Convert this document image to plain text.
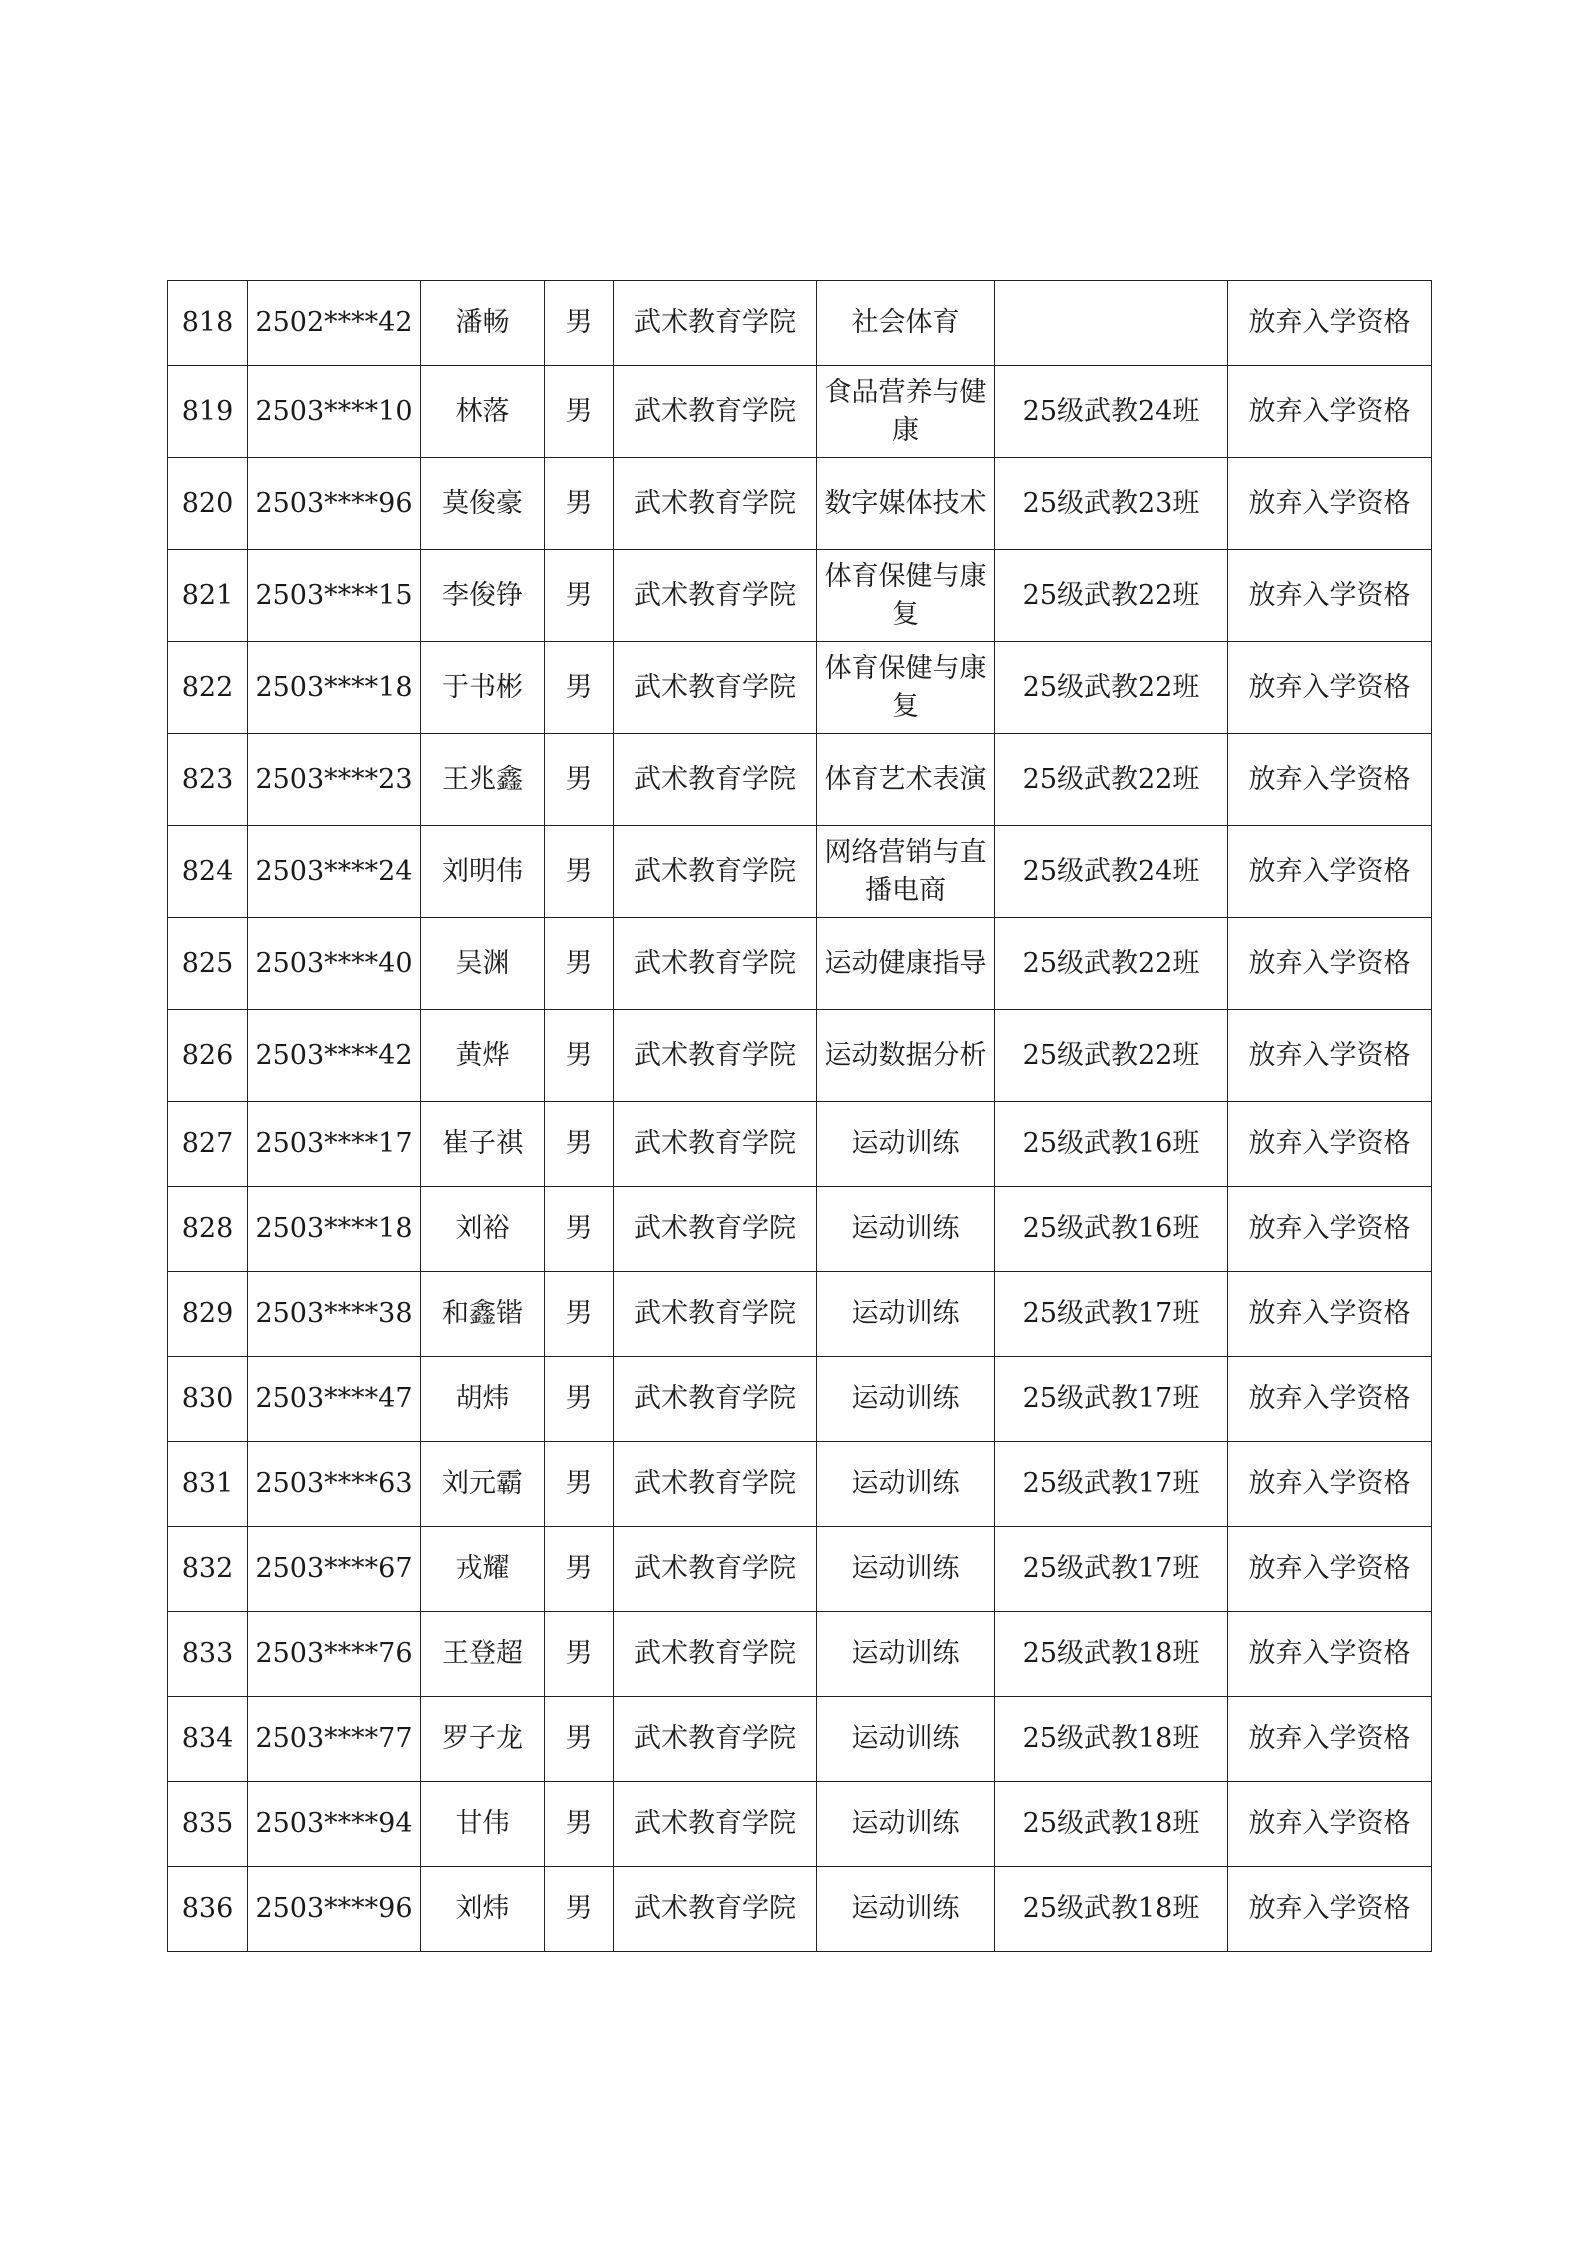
818	2502****42	潘畅	男	武术教育学院	社会体育		放弃入学资格
819	2503****10	林落	男	武术教育学院	食品营养与健康	25级武教24班	放弃入学资格
820	2503****96	莫俊豪	男	武术教育学院	数字媒体技术	25级武教23班	放弃入学资格
821	2503****15	李俊铮	男	武术教育学院	体育保健与康复	25级武教22班	放弃入学资格
822	2503****18	于书彬	男	武术教育学院	体育保健与康复	25级武教22班	放弃入学资格
823	2503****23	王兆鑫	男	武术教育学院	体育艺术表演	25级武教22班	放弃入学资格
824	2503****24	刘明伟	男	武术教育学院	网络营销与直播电商	25级武教24班	放弃入学资格
825	2503****40	吴渊	男	武术教育学院	运动健康指导	25级武教22班	放弃入学资格
826	2503****42	黄烨	男	武术教育学院	运动数据分析	25级武教22班	放弃入学资格
827	2503****17	崔子祺	男	武术教育学院	运动训练	25级武教16班	放弃入学资格
828	2503****18	刘裕	男	武术教育学院	运动训练	25级武教16班	放弃入学资格
829	2503****38	和鑫锴	男	武术教育学院	运动训练	25级武教17班	放弃入学资格
830	2503****47	胡炜	男	武术教育学院	运动训练	25级武教17班	放弃入学资格
831	2503****63	刘元霸	男	武术教育学院	运动训练	25级武教17班	放弃入学资格
832	2503****67	戎耀	男	武术教育学院	运动训练	25级武教17班	放弃入学资格
833	2503****76	王登超	男	武术教育学院	运动训练	25级武教18班	放弃入学资格
834	2503****77	罗子龙	男	武术教育学院	运动训练	25级武教18班	放弃入学资格
835	2503****94	甘伟	男	武术教育学院	运动训练	25级武教18班	放弃入学资格
836	2503****96	刘炜	男	武术教育学院	运动训练	25级武教18班	放弃入学资格
